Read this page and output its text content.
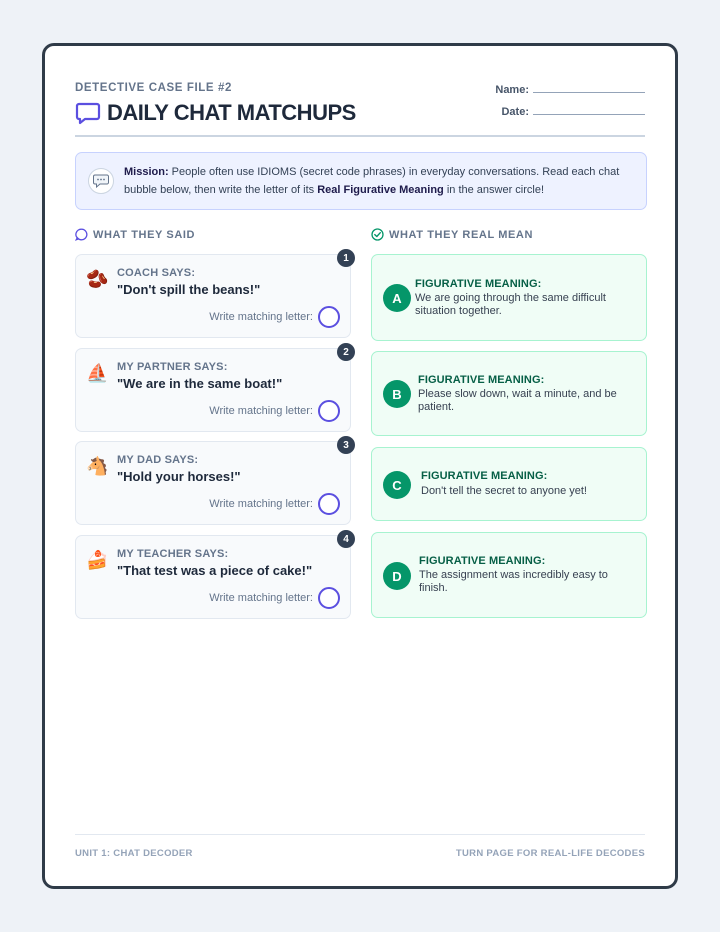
DETECTIVE CASE FILE #2
DAILY CHAT MATCHUPS
Name:
Date:
Mission: People often use IDIOMS (secret code phrases) in everyday conversations. Read each chat bubble below, then write the letter of its Real Figurative Meaning in the answer circle!
WHAT THEY SAID	WHAT THEY REAL MEAN
🫘 COACH SAYS:
"Don't spill the beans!"
Write matching letter:
1
⛵ MY PARTNER SAYS:
"We are in the same boat!"
Write matching letter:
2
🐴 MY DAD SAYS:
"Hold your horses!"
Write matching letter:
3
🍰 MY TEACHER SAYS:
"That test was a piece of cake!"
Write matching letter:
4
A
FIGURATIVE MEANING:
We are going through the same difficult situation together.
B
FIGURATIVE MEANING:
Please slow down, wait a minute, and be patient.
C
FIGURATIVE MEANING:
Don't tell the secret to anyone yet!
D
FIGURATIVE MEANING:
The assignment was incredibly easy to finish.
UNIT 1: CHAT DECODER	TURN PAGE FOR REAL-LIFE DECODES
